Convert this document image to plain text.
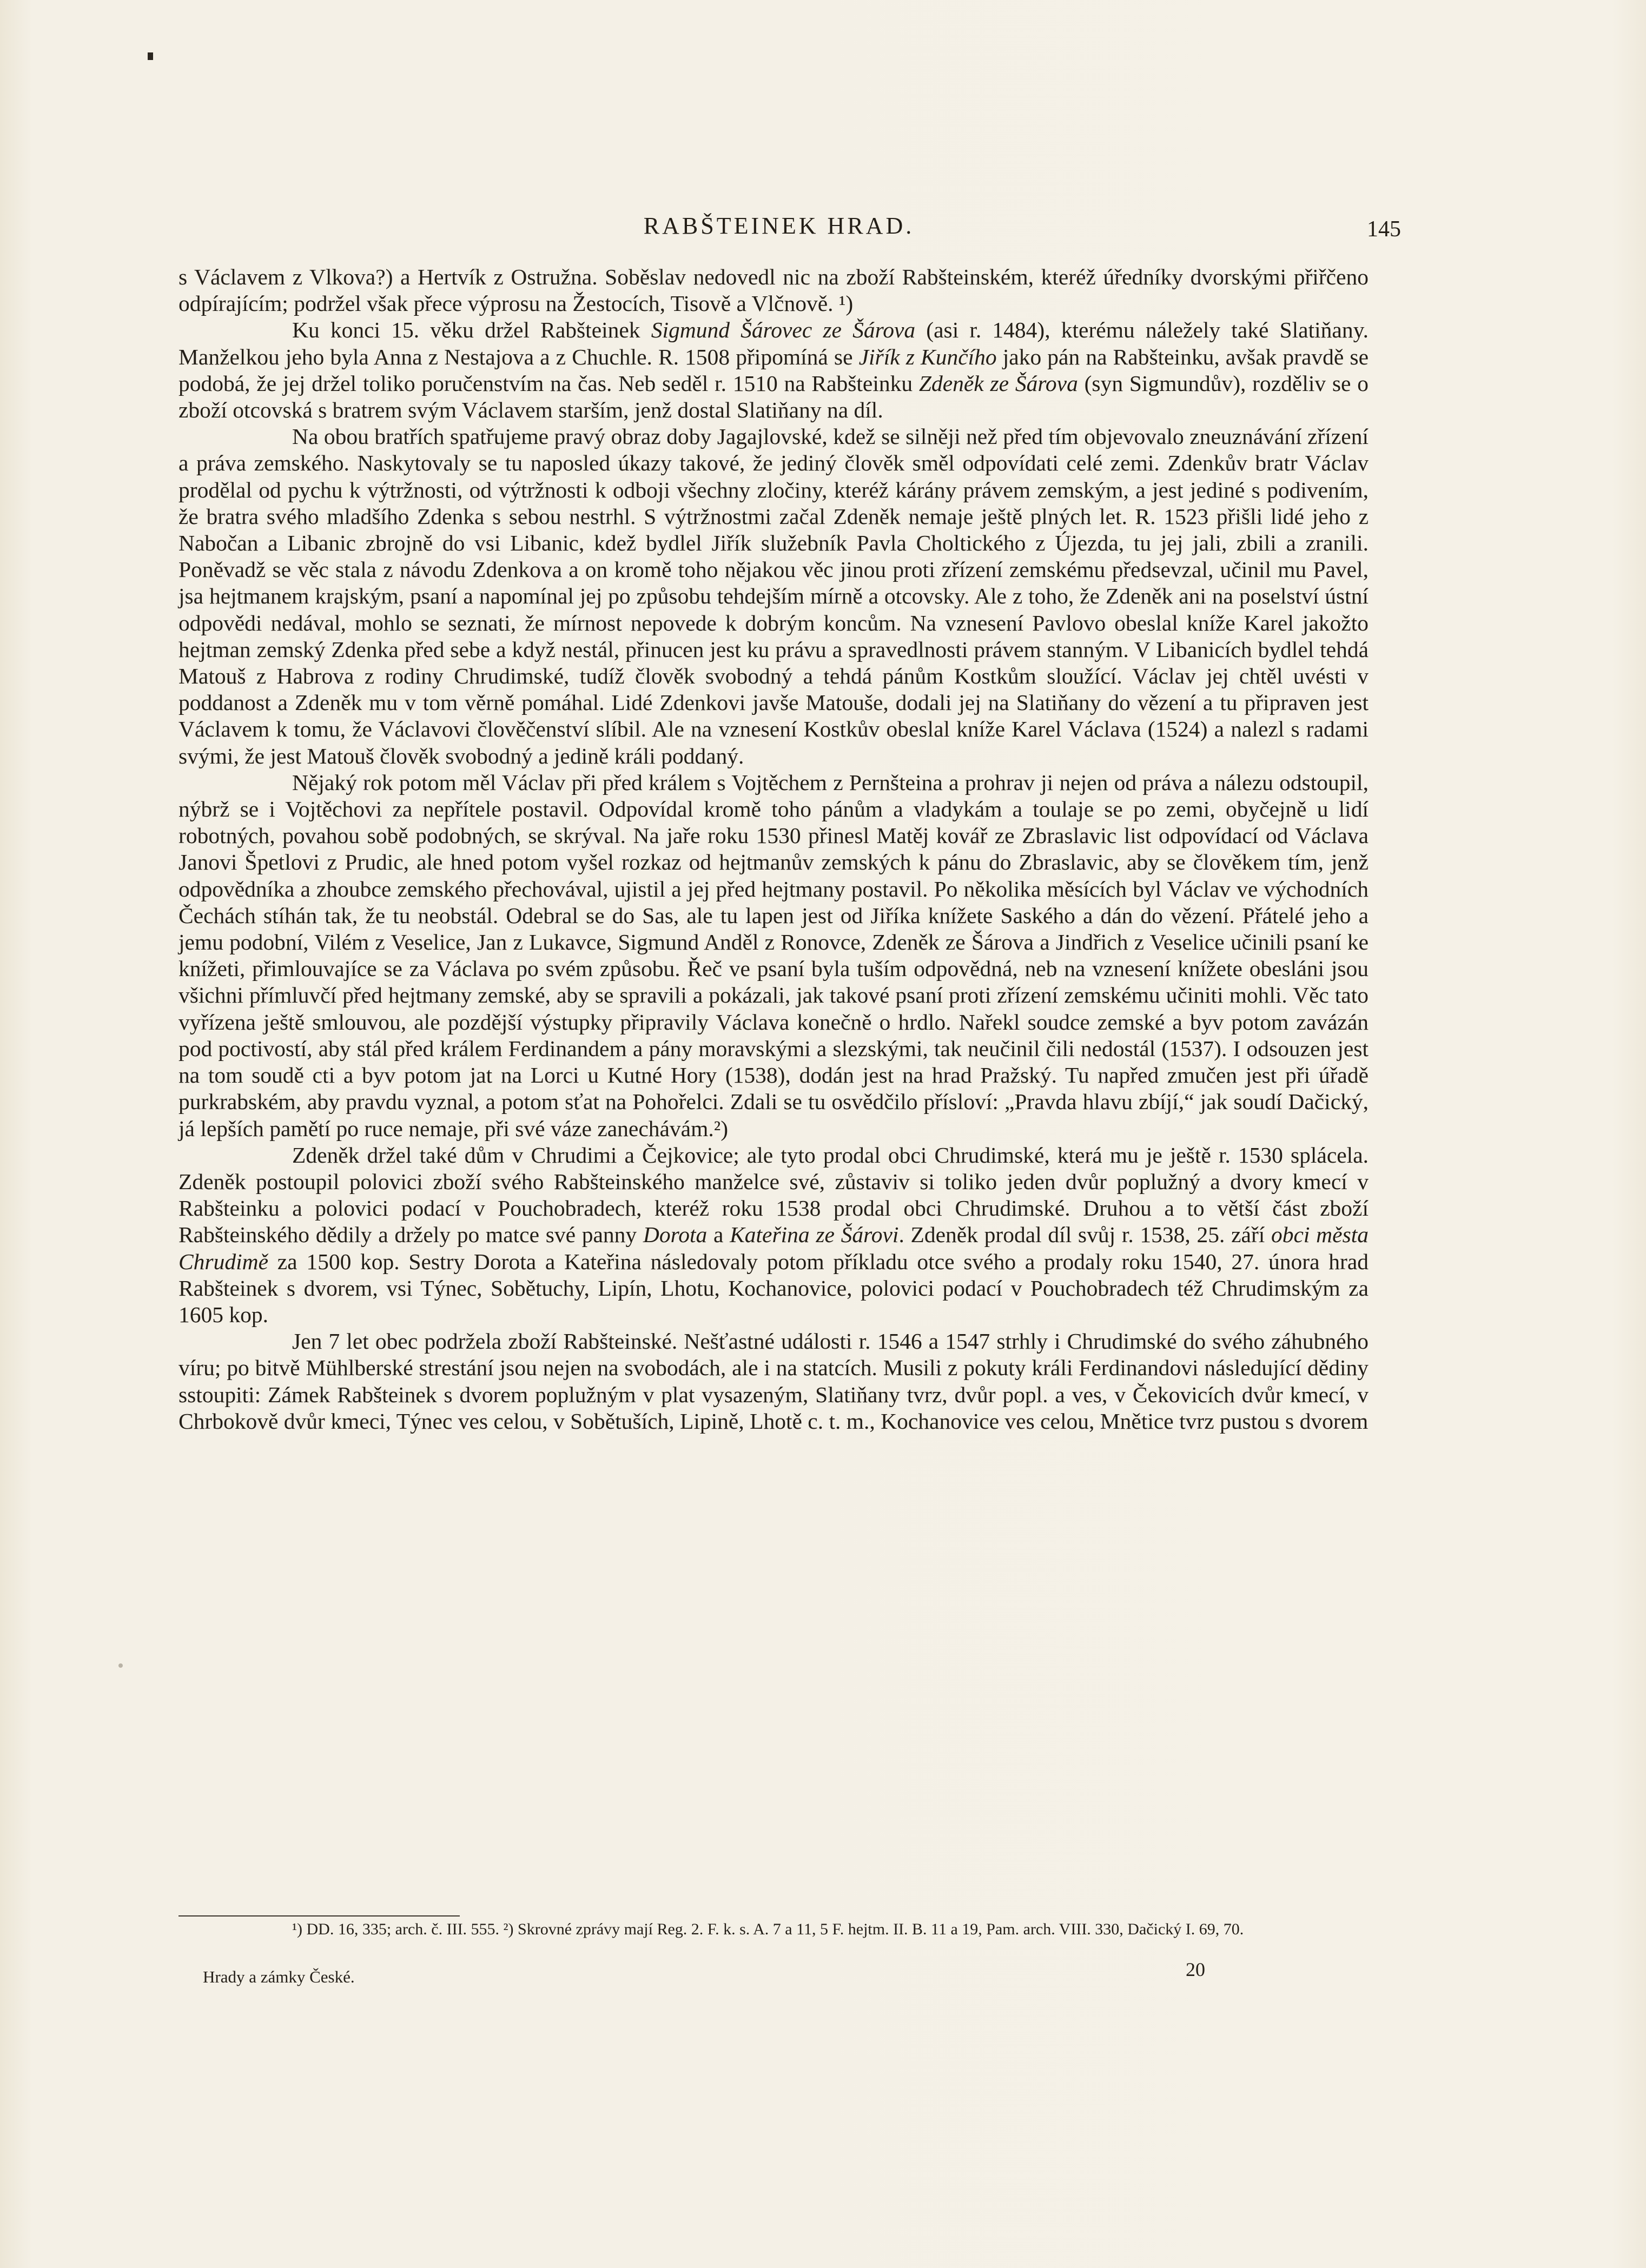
RABŠTEINEK HRAD.	145

s Václavem z Vlkova?) a Hertvík z Ostružna. Soběslav nedovedl nic na zboží Rabšteinském, kteréž úředníky dvorskými přiřčeno odpírajícím; podržel však přece výprosu na Žestocích, Tisově a Vlčnově. ¹)

Ku konci 15. věku držel Rabšteinek Sigmund Šárovec ze Šárova (asi r. 1484), kterému náležely také Slatiňany. Manželkou jeho byla Anna z Nestajova a z Chuchle. R. 1508 připomíná se Jiřík z Kunčího jako pán na Rabšteinku, avšak pravdě se podobá, že jej držel toliko poručenstvím na čas. Neb seděl r. 1510 na Rabšteinku Zdeněk ze Šárova (syn Sigmundův), rozděliv se o zboží otcovská s bratrem svým Václavem starším, jenž dostal Slatiňany na díl.

Na obou bratřích spatřujeme pravý obraz doby Jagajlovské, kdež se silněji než před tím objevovalo zneuznávání zřízení a práva zemského. Naskytovaly se tu naposled úkazy takové, že jediný člověk směl odpovídati celé zemi. Zdenkův bratr Václav prodělal od pychu k výtržnosti, od výtržnosti k odboji všechny zločiny, kteréž kárány právem zemským, a jest jediné s podivením, že bratra svého mladšího Zdenka s sebou nestrhl. S výtržnostmi začal Zdeněk nemaje ještě plných let. R. 1523 přišli lidé jeho z Nabočan a Libanic zbrojně do vsi Libanic, kdež bydlel Jiřík služebník Pavla Choltického z Újezda, tu jej jali, zbili a zranili. Poněvadž se věc stala z návodu Zdenkova a on kromě toho nějakou věc jinou proti zřízení zemskému předsevzal, učinil mu Pavel, jsa hejtmanem krajským, psaní a napomínal jej po způsobu tehdejším mírně a otcovsky. Ale z toho, že Zdeněk ani na poselství ústní odpovědi nedával, mohlo se seznati, že mírnost nepovede k dobrým koncům. Na vznesení Pavlovo obeslal kníže Karel jakožto hejtman zemský Zdenka před sebe a když nestál, přinucen jest ku právu a spravedlnosti právem stanným. V Libanicích bydlel tehdá Matouš z Habrova z rodiny Chrudimské, tudíž člověk svobodný a tehdá pánům Kostkům sloužící. Václav jej chtěl uvésti v poddanost a Zdeněk mu v tom věrně pomáhal. Lidé Zdenkovi javše Matouše, dodali jej na Slatiňany do vězení a tu připraven jest Václavem k tomu, že Václavovi člověčenství slíbil. Ale na vznesení Kostkův obeslal kníže Karel Václava (1524) a nalezl s radami svými, že jest Matouš člověk svobodný a jedině králi poddaný.

Nějaký rok potom měl Václav při před králem s Vojtěchem z Pernšteina a prohrav ji nejen od práva a nálezu odstoupil, nýbrž se i Vojtěchovi za nepřítele postavil. Odpovídal kromě toho pánům a vladykám a toulaje se po zemi, obyčejně u lidí robotných, povahou sobě podobných, se skrýval. Na jaře roku 1530 přinesl Matěj kovář ze Zbraslavic list odpovídací od Václava Janovi Špetlovi z Prudic, ale hned potom vyšel rozkaz od hejtmanův zemských k pánu do Zbraslavic, aby se člověkem tím, jenž odpovědníka a zhoubce zemského přechovával, ujistil a jej před hejtmany postavil. Po několika měsících byl Václav ve východních Čechách stíhán tak, že tu neobstál. Odebral se do Sas, ale tu lapen jest od Jiříka knížete Saského a dán do vězení. Přátelé jeho a jemu podobní, Vilém z Veselice, Jan z Lukavce, Sigmund Anděl z Ronovce, Zdeněk ze Šárova a Jindřich z Veselice učinili psaní ke knížeti, přimlouvajíce se za Václava po svém způsobu. Řeč ve psaní byla tuším odpovědná, neb na vznesení knížete obesláni jsou všichni přímluvčí před hejtmany zemské, aby se spravili a pokázali, jak takové psaní proti zřízení zemskému učiniti mohli. Věc tato vyřízena ještě smlouvou, ale pozdější výstupky připravily Václava konečně o hrdlo. Nařekl soudce zemské a byv potom zavázán pod poctivostí, aby stál před králem Ferdinandem a pány moravskými a slezskými, tak neučinil čili nedostál (1537). I odsouzen jest na tom soudě cti a byv potom jat na Lorci u Kutné Hory (1538), dodán jest na hrad Pražský. Tu napřed zmučen jest při úřadě purkrabském, aby pravdu vyznal, a potom sťat na Pohořelci. Zdali se tu osvědčilo přísloví: „Pravda hlavu zbíjí,“ jak soudí Dačický, já lepších pamětí po ruce nemaje, při své váze zanechávám.²)

Zdeněk držel také dům v Chrudimi a Čejkovice; ale tyto prodal obci Chrudimské, která mu je ještě r. 1530 splácela. Zdeněk postoupil polovici zboží svého Rabšteinského manželce své, zůstaviv si toliko jeden dvůr poplužný a dvory kmecí v Rabšteinku a polovici podací v Pouchobradech, kteréž roku 1538 prodal obci Chrudimské. Druhou a to větší část zboží Rabšteinského dědily a držely po matce své panny Dorota a Kateřina ze Šárovi. Zdeněk prodal díl svůj r. 1538, 25. září obci města Chrudimě za 1500 kop. Sestry Dorota a Kateřina následovaly potom příkladu otce svého a prodaly roku 1540, 27. února hrad Rabšteinek s dvorem, vsi Týnec, Sobětuchy, Lipín, Lhotu, Kochanovice, polovici podací v Pouchobradech též Chrudimským za 1605 kop.

Jen 7 let obec podržela zboží Rabšteinské. Nešťastné události r. 1546 a 1547 strhly i Chrudimské do svého záhubného víru; po bitvě Mühlberské strestání jsou nejen na svobodách, ale i na statcích. Musili z pokuty králi Ferdinandovi následující dědiny sstoupiti: Zámek Rabšteinek s dvorem poplužným v plat vysazeným, Slatiňany tvrz, dvůr popl. a ves, v Čekovicích dvůr kmecí, v Chrbokově dvůr kmeci, Týnec ves celou, v Sobětuších, Lipině, Lhotě c. t. m., Kochanovice ves celou, Mnětice tvrz pustou s dvorem

¹) DD. 16, 335; arch. č. III. 555. ²) Skrovné zprávy mají Reg. 2. F. k. s. A. 7 a 11, 5 F. hejtm. II. B. 11 a 19, Pam. arch. VIII. 330, Dačický I. 69, 70.

Hrady a zámky České.	20
